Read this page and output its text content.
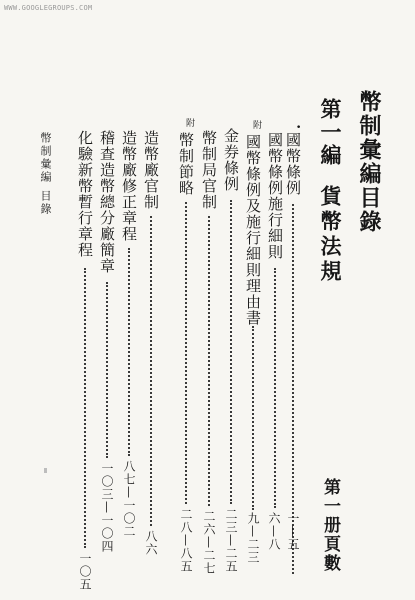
WWW.GOOGLEGROUPS.COM
幣制彙編目錄
第一編
貨幣法規
第一册頁數
•
國幣條例
一—五
國幣條例施行細則
六—八
附
國幣條例及施行細則理由書
九—二三
金券條例
二三—二五
幣制局官制
二六—二七
附
幣制節略
二八—八五
造幣廠官制
八六
造幣廠修正章程
八七—一〇二
稽查造幣總分廠簡章
一〇三—一〇四
化驗新幣暫行章程
一〇五
幣制彙編
目錄
